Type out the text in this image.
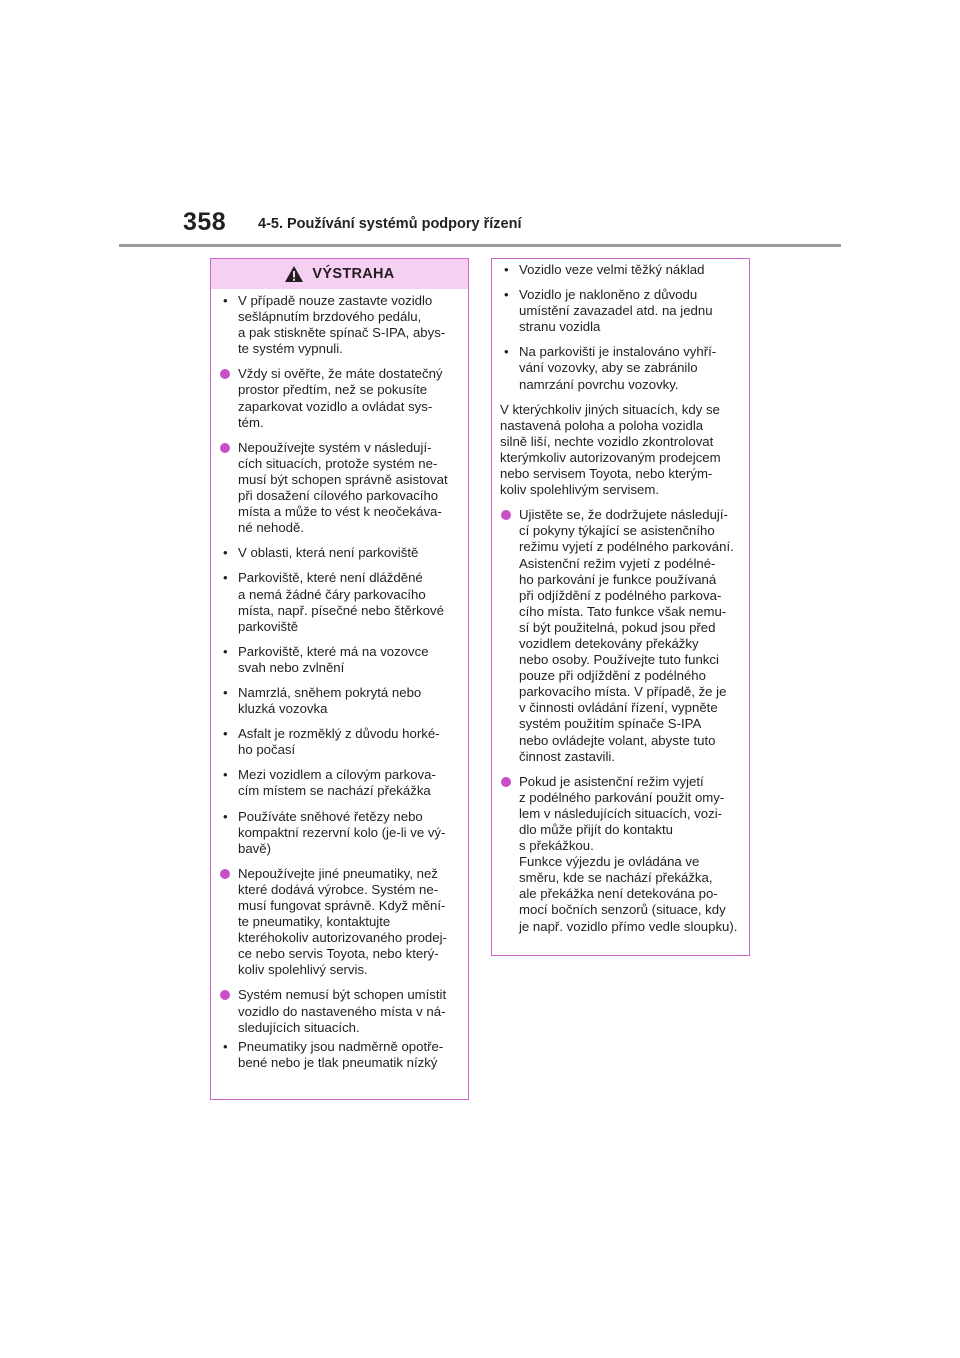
358 4-5. Používání systémů podpory řízení
VÝSTRAHA
V případě nouze zastavte vozidlo
sešlápnutím brzdového pedálu,
a pak stiskněte spínač S-IPA, abys-
te systém vypnuli.
Vždy si ověřte, že máte dostatečný
prostor předtím, než se pokusíte
zaparkovat vozidlo a ovládat sys-
tém.
Nepoužívejte systém v následují-
cích situacích, protože systém ne-
musí být schopen správně asistovat
při dosažení cílového parkovacího
místa a může to vést k neočekáva-
né nehodě.
V oblasti, která není parkoviště
Parkoviště, které není dlážděné
a nemá žádné čáry parkovacího
místa, např. písečné nebo štěrkové
parkoviště
Parkoviště, které má na vozovce
svah nebo zvlnění
Namrzlá, sněhem pokrytá nebo
kluzká vozovka
Asfalt je rozměklý z důvodu horké-
ho počasí
Mezi vozidlem a cílovým parkova-
cím místem se nachází překážka
Používáte sněhové řetězy nebo
kompaktní rezervní kolo (je-li ve vý-
bavě)
Nepoužívejte jiné pneumatiky, než
které dodává výrobce. Systém ne-
musí fungovat správně. Když mění-
te pneumatiky, kontaktujte
kteréhokoliv autorizovaného prodej-
ce nebo servis Toyota, nebo který-
koliv spolehlivý servis.
Systém nemusí být schopen umístit
vozidlo do nastaveného místa v ná-
sledujících situacích.
Pneumatiky jsou nadměrně opotře-
bené nebo je tlak pneumatik nízký
Vozidlo veze velmi těžký náklad
Vozidlo je nakloněno z důvodu
umístění zavazadel atd. na jednu
stranu vozidla
Na parkovišti je instalováno vyhří-
vání vozovky, aby se zabránilo
namrzání povrchu vozovky.
V kterýchkoliv jiných situacích, kdy se
nastavená poloha a poloha vozidla
silně liší, nechte vozidlo zkontrolovat
kterýmkoliv autorizovaným prodejcem
nebo servisem Toyota, nebo kterým-
koliv spolehlivým servisem.
Ujistěte se, že dodržujete následují-
cí pokyny týkající se asistenčního
režimu vyjetí z podélného parkování.
Asistenční režim vyjetí z podélné-
ho parkování je funkce používaná
při odjíždění z podélného parkova-
cího místa. Tato funkce však nemu-
sí být použitelná, pokud jsou před
vozidlem detekovány překážky
nebo osoby. Používejte tuto funkci
pouze při odjíždění z podélného
parkovacího místa. V případě, že je
v činnosti ovládání řízení, vypněte
systém použitím spínače S-IPA
nebo ovládejte volant, abyste tuto
činnost zastavili.
Pokud je asistenční režim vyjetí
z podélného parkování použit omy-
lem v následujících situacích, vozi-
dlo může přijít do kontaktu
s překážkou.
Funkce výjezdu je ovládána ve
směru, kde se nachází překážka,
ale překážka není detekována po-
mocí bočních senzorů (situace, kdy
je např. vozidlo přímo vedle sloupku).
